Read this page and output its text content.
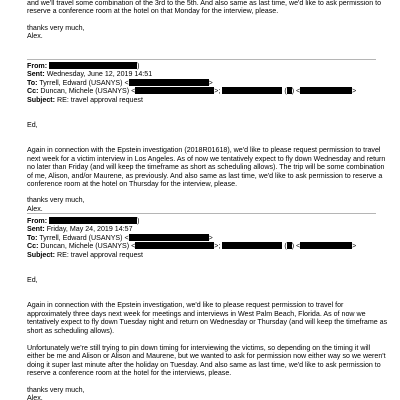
and we'll travel some combination of the 3rd to the 5th. And also same as last time, we'd like to ask permission to

reserve a conference room at the hotel on that Monday for the interview, please.

thanks very much,

Alex.

From:	)

Sent: Wednesday, June 12, 2019 14:51

To: Tyrrell, Edward (USANYS) <	>

Cc: Duncan, Michele (USANYS) <	>;	( ) <	>

Subject: RE: travel approval request

Ed,

Again in connection with the Epstein investigation (2018R01618), we'd like to please request permission to travel next week for a victim interview in Los Angeles. As of now we tentatively expect to fly down Wednesday and return no later than Friday (and will keep the timeframe as short as scheduling allows). The trip will be some combination of me, Alison, and/or Maurene, as previously. And also same as last time, we'd like to ask permission to reserve a conference room at the hotel on Thursday for the interview, please.

thanks very much,

Alex.

From:	)

Sent: Friday, May 24, 2019 14:57

To: Tyrrell, Edward (USANYS) <	>

Cc: Duncan, Michele (USANYS) <	>;	( ) <	>

Subject: RE: travel approval request

Ed,

Again in connection with the Epstein investigation, we'd like to please request permission to travel for approximately three days next week for meetings and interviews in West Palm Beach, Florida. As of now we tentatively expect to fly down Tuesday night and return on Wednesday or Thursday (and will keep the timeframe as short as scheduling allows).

Unfortunately we're still trying to pin down timing for interviewing the victims, so depending on the timing it will either be me and Alison or Alison and Maurene, but we wanted to ask for permission now either way so we weren't doing it super last minute after the holiday on Tuesday. And also same as last time, we'd like to ask permission to reserve a conference room at the hotel for the interviews, please.

thanks very much,

Alex.
